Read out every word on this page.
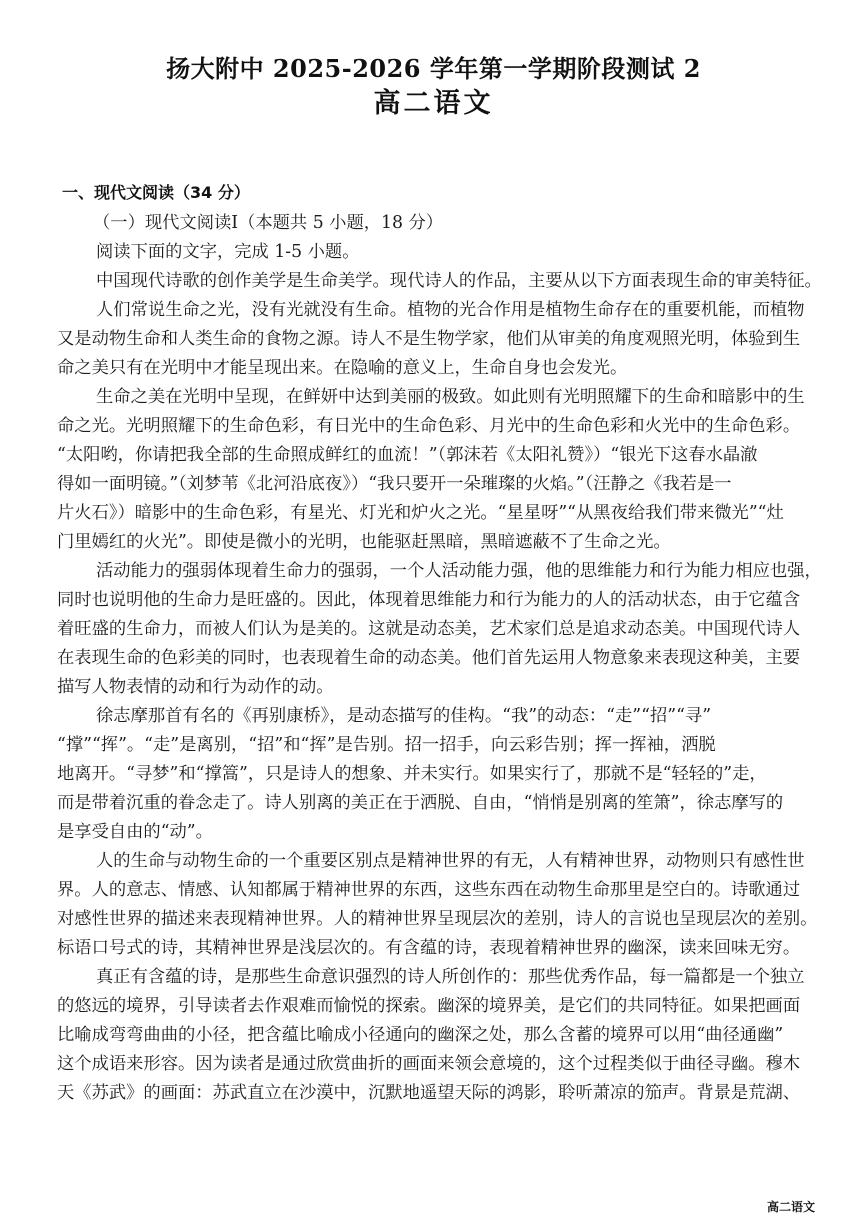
扬大附中 2025-2026 学年第一学期阶段测试 2
高二语文
一、现代文阅读（34 分）
（一）现代文阅读Ⅰ（本题共 5 小题，18 分）
阅读下面的文字，完成 1-5 小题。
中国现代诗歌的创作美学是生命美学。现代诗人的作品，主要从以下方面表现生命的审美特征。
人们常说生命之光，没有光就没有生命。植物的光合作用是植物生命存在的重要机能，而植物
又是动物生命和人类生命的食物之源。诗人不是生物学家，他们从审美的角度观照光明，体验到生
命之美只有在光明中才能呈现出来。在隐喻的意义上，生命自身也会发光。
生命之美在光明中呈现，在鲜妍中达到美丽的极致。如此则有光明照耀下的生命和暗影中的生
命之光。光明照耀下的生命色彩，有日光中的生命色彩、月光中的生命色彩和火光中的生命色彩。
“太阳哟，你请把我全部的生命照成鲜红的血流！”（郭沫若《太阳礼赞》）“银光下这春水晶澈
得如一面明镜。”（刘梦苇《北河沿底夜》）“我只要开一朵璀璨的火焰。”（汪静之《我若是一
片火石》）暗影中的生命色彩，有星光、灯光和炉火之光。“星星呀”“从黑夜给我们带来微光”“灶
门里嫣红的火光”。即使是微小的光明，也能驱赶黑暗，黑暗遮蔽不了生命之光。
活动能力的强弱体现着生命力的强弱，一个人活动能力强，他的思维能力和行为能力相应也强，
同时也说明他的生命力是旺盛的。因此，体现着思维能力和行为能力的人的活动状态，由于它蕴含
着旺盛的生命力，而被人们认为是美的。这就是动态美，艺术家们总是追求动态美。中国现代诗人
在表现生命的色彩美的同时，也表现着生命的动态美。他们首先运用人物意象来表现这种美，主要
描写人物表情的动和行为动作的动。
徐志摩那首有名的《再别康桥》，是动态描写的佳构。“我”的动态：“走”“招”“寻”
“撑”“挥”。“走”是离别，“招”和“挥”是告别。招一招手，向云彩告别；挥一挥袖，洒脱
地离开。“寻梦”和“撑篙”，只是诗人的想象、并未实行。如果实行了，那就不是“轻轻的”走，
而是带着沉重的眷念走了。诗人别离的美正在于洒脱、自由，“悄悄是别离的笙箫”，徐志摩写的
是享受自由的“动”。
人的生命与动物生命的一个重要区别点是精神世界的有无，人有精神世界，动物则只有感性世
界。人的意志、情感、认知都属于精神世界的东西，这些东西在动物生命那里是空白的。诗歌通过
对感性世界的描述来表现精神世界。人的精神世界呈现层次的差别，诗人的言说也呈现层次的差别。
标语口号式的诗，其精神世界是浅层次的。有含蕴的诗，表现着精神世界的幽深，读来回味无穷。
真正有含蕴的诗，是那些生命意识强烈的诗人所创作的：那些优秀作品，每一篇都是一个独立
的悠远的境界，引导读者去作艰难而愉悦的探索。幽深的境界美，是它们的共同特征。如果把画面
比喻成弯弯曲曲的小径，把含蕴比喻成小径通向的幽深之处，那么含蓄的境界可以用“曲径通幽”
这个成语来形容。因为读者是通过欣赏曲折的画面来领会意境的，这个过程类似于曲径寻幽。穆木
天《苏武》的画面：苏武直立在沙漠中，沉默地遥望天际的鸿影，聆听萧凉的笳声。背景是荒湖、
高二语文
